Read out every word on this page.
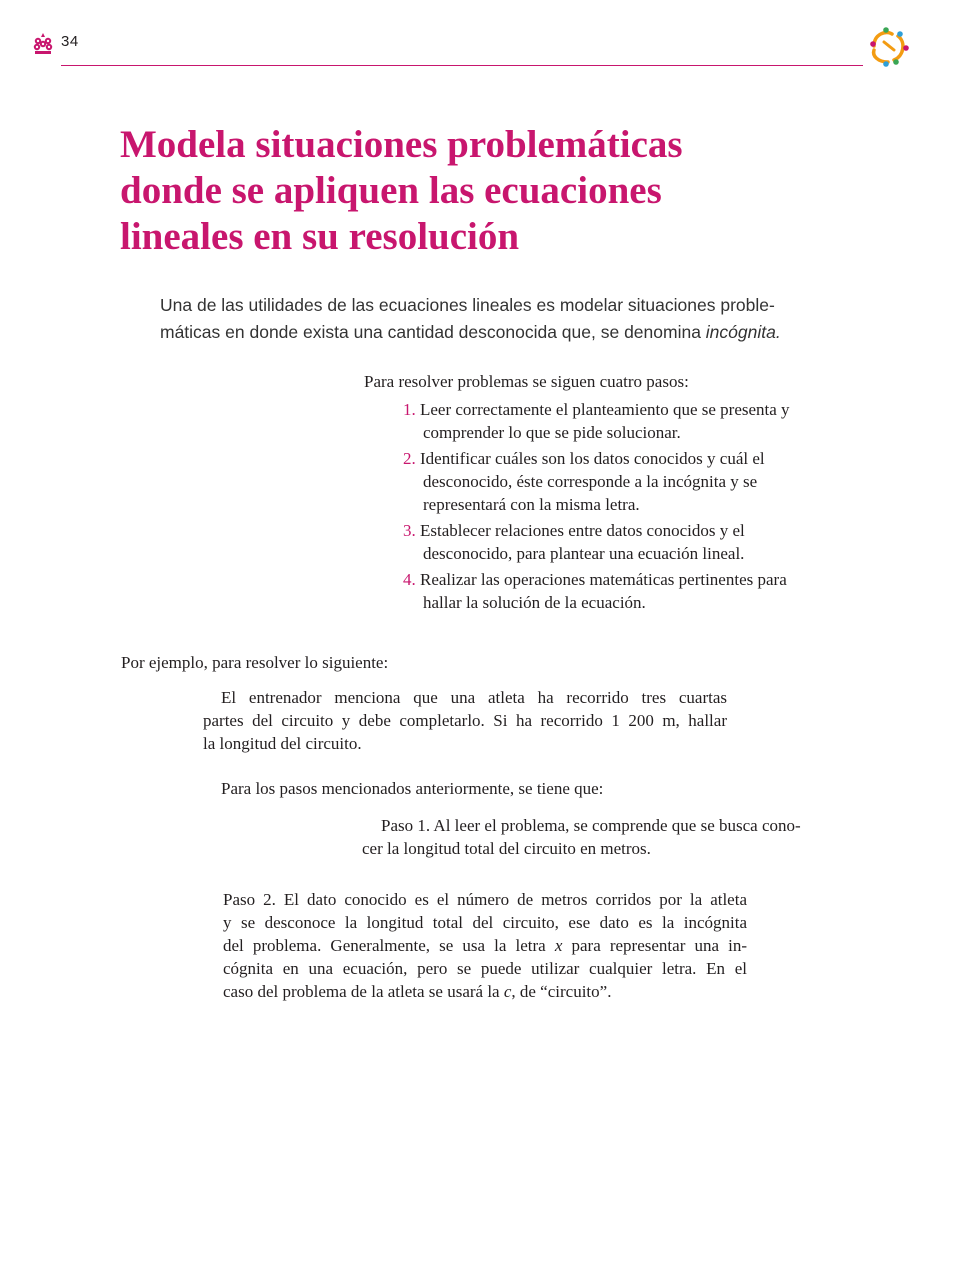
34
Modela situaciones problemáticas
donde se apliquen las ecuaciones
lineales en su resolución

Una de las utilidades de las ecuaciones lineales es modelar situaciones proble-
máticas en donde exista una cantidad desconocida que, se denomina incógnita.

Para resolver problemas se siguen cuatro pasos:

1. Leer correctamente el planteamiento que se presenta y
comprender lo que se pide solucionar.
2. Identificar cuáles son los datos conocidos y cuál el
desconocido, éste corresponde a la incógnita y se
representará con la misma letra.
3. Establecer relaciones entre datos conocidos y el
desconocido, para plantear una ecuación lineal.
4. Realizar las operaciones matemáticas pertinentes para
hallar la solución de la ecuación.

Por ejemplo, para resolver lo siguiente:

El entrenador menciona que una atleta ha recorrido tres cuartas
partes del circuito y debe completarlo. Si ha recorrido 1 200 m, hallar
la longitud del circuito.

Para los pasos mencionados anteriormente, se tiene que:

Paso 1. Al leer el problema, se comprende que se busca cono-
cer la longitud total del circuito en metros.

Paso 2. El dato conocido es el número de metros corridos por la atleta
y se desconoce la longitud total del circuito, ese dato es la incógnita
del problema. Generalmente, se usa la letra x para representar una in-
cógnita en una ecuación, pero se puede utilizar cualquier letra. En el
caso del problema de la atleta se usará la c, de “circuito”.
